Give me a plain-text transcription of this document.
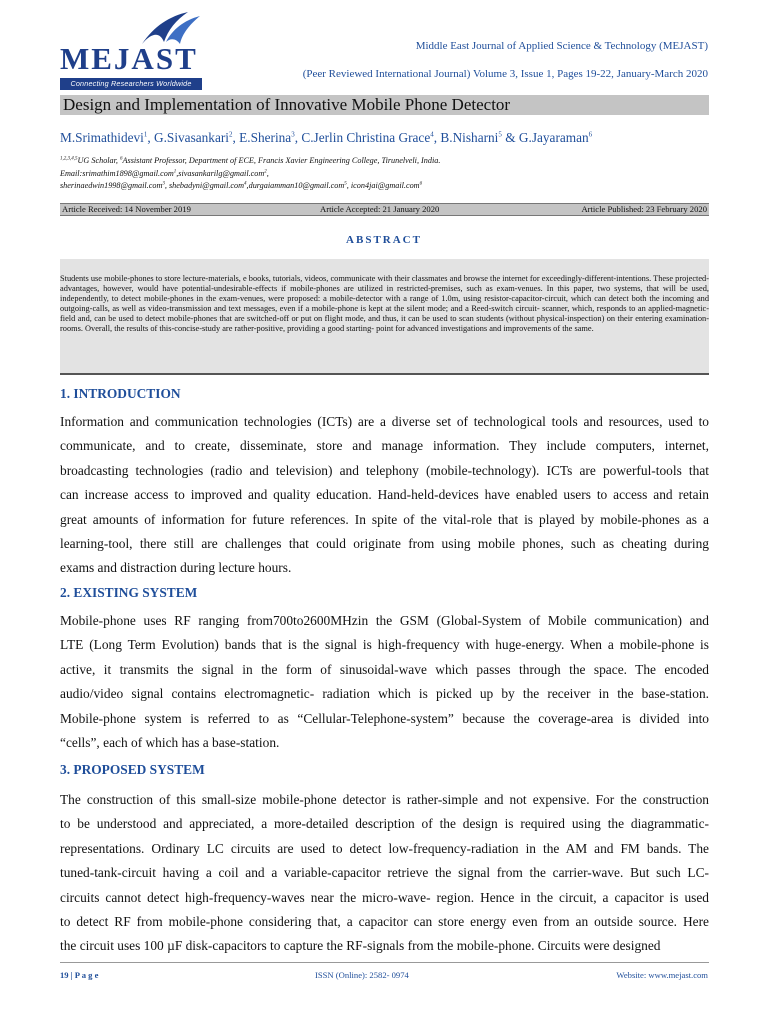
MEJAST
Connecting Researchers Worldwide
Middle East Journal of Applied Science & Technology (MEJAST)
(Peer Reviewed International Journal) Volume 3, Issue 1, Pages 19-22, January-March 2020
Design and Implementation of Innovative Mobile Phone Detector
M.Srimathidevi$^1$, G.Sivasankari$^2$, E.Sherina$^3$, C.Jerlin Christina Grace$^4$, B.Nisharni$^5$ & G.Jayaraman$^6$
$^{1,2,3,4,5}$UG Scholar, $^6$Assistant Professor, Department of ECE, Francis Xavier Engineering College, Tirunelveli, India.
Email:srimathim1898@gmail.com$^1$,sivasankarilg@gmail.com$^2$,
sherinaedwin1998@gmail.com$^3$, shebadyni@gmail.com$^4$,durgaiamman10@gmail.com$^5$, icon4jai@gmail.com$^6$
Article Received: 14 November 2019	Article Accepted: 21 January 2020	Article Published: 23 February 2020
ABSTRACT
Students use mobile-phones to store lecture-materials, e books, tutorials, videos, communicate with their classmates and browse the internet for exceedingly-different-intentions. These projected-advantages, however, would have potential-undesirable-effects if mobile-phones are utilized in restricted-premises, such as exam-venues. In this paper, two systems, that will be used, independently, to detect mobile-phones in the exam-venues, were proposed: a mobile-detector with a range of 1.0m, using resistor-capacitor-circuit, which can detect both the incoming and outgoing-calls, as well as video-transmission and text messages, even if a mobile-phone is kept at the silent mode; and a Reed-switch circuit- scanner, which, responds to an applied-magnetic-field and, can be used to detect mobile-phones that are switched-off or put on flight mode, and thus, it can be used to scan students (without physical-inspection) on their entering examination-rooms. Overall, the results of this-concise-study are rather-positive, providing a good starting- point for advanced investigations and improvements of the same.
1. INTRODUCTION
Information and communication technologies (ICTs) are a diverse set of technological tools and resources, used to
communicate, and to create, disseminate, store and manage information. They include computers, internet,
broadcasting technologies (radio and television) and telephony (mobile-technology). ICTs are powerful-tools that
can increase access to improved and quality education. Hand-held-devices have enabled users to access and retain
great amounts of information for future references. In spite of the vital-role that is played by mobile-phones as a
learning-tool, there still are challenges that could originate from using mobile phones, such as cheating during
exams and distraction during lecture hours.
2. EXISTING SYSTEM
Mobile-phone uses RF ranging from700to2600MHzin the GSM (Global-System of Mobile communication) and
LTE (Long Term Evolution) bands that is the signal is high-frequency with huge-energy. When a mobile-phone is
active, it transmits the signal in the form of sinusoidal-wave which passes through the space. The encoded
audio/video signal contains electromagnetic- radiation which is picked up by the receiver in the base-station.
Mobile-phone system is referred to as “Cellular-Telephone-system” because the coverage-area is divided into
“cells”, each of which has a base-station.
3. PROPOSED SYSTEM
The construction of this small-size mobile-phone detector is rather-simple and not expensive. For the construction
to be understood and appreciated, a more-detailed description of the design is required using the diagrammatic-
representations. Ordinary LC circuits are used to detect low-frequency-radiation in the AM and FM bands. The
tuned-tank-circuit having a coil and a variable-capacitor retrieve the signal from the carrier-wave. But such LC-
circuits cannot detect high-frequency-waves near the micro-wave- region. Hence in the circuit, a capacitor is used
to detect RF from mobile-phone considering that, a capacitor can store energy even from an outside source. Here
the circuit uses 100 µF disk-capacitors to capture the RF-signals from the mobile-phone. Circuits were designed
19 | P a g e	ISSN (Online): 2582- 0974	Website: www.mejast.com
